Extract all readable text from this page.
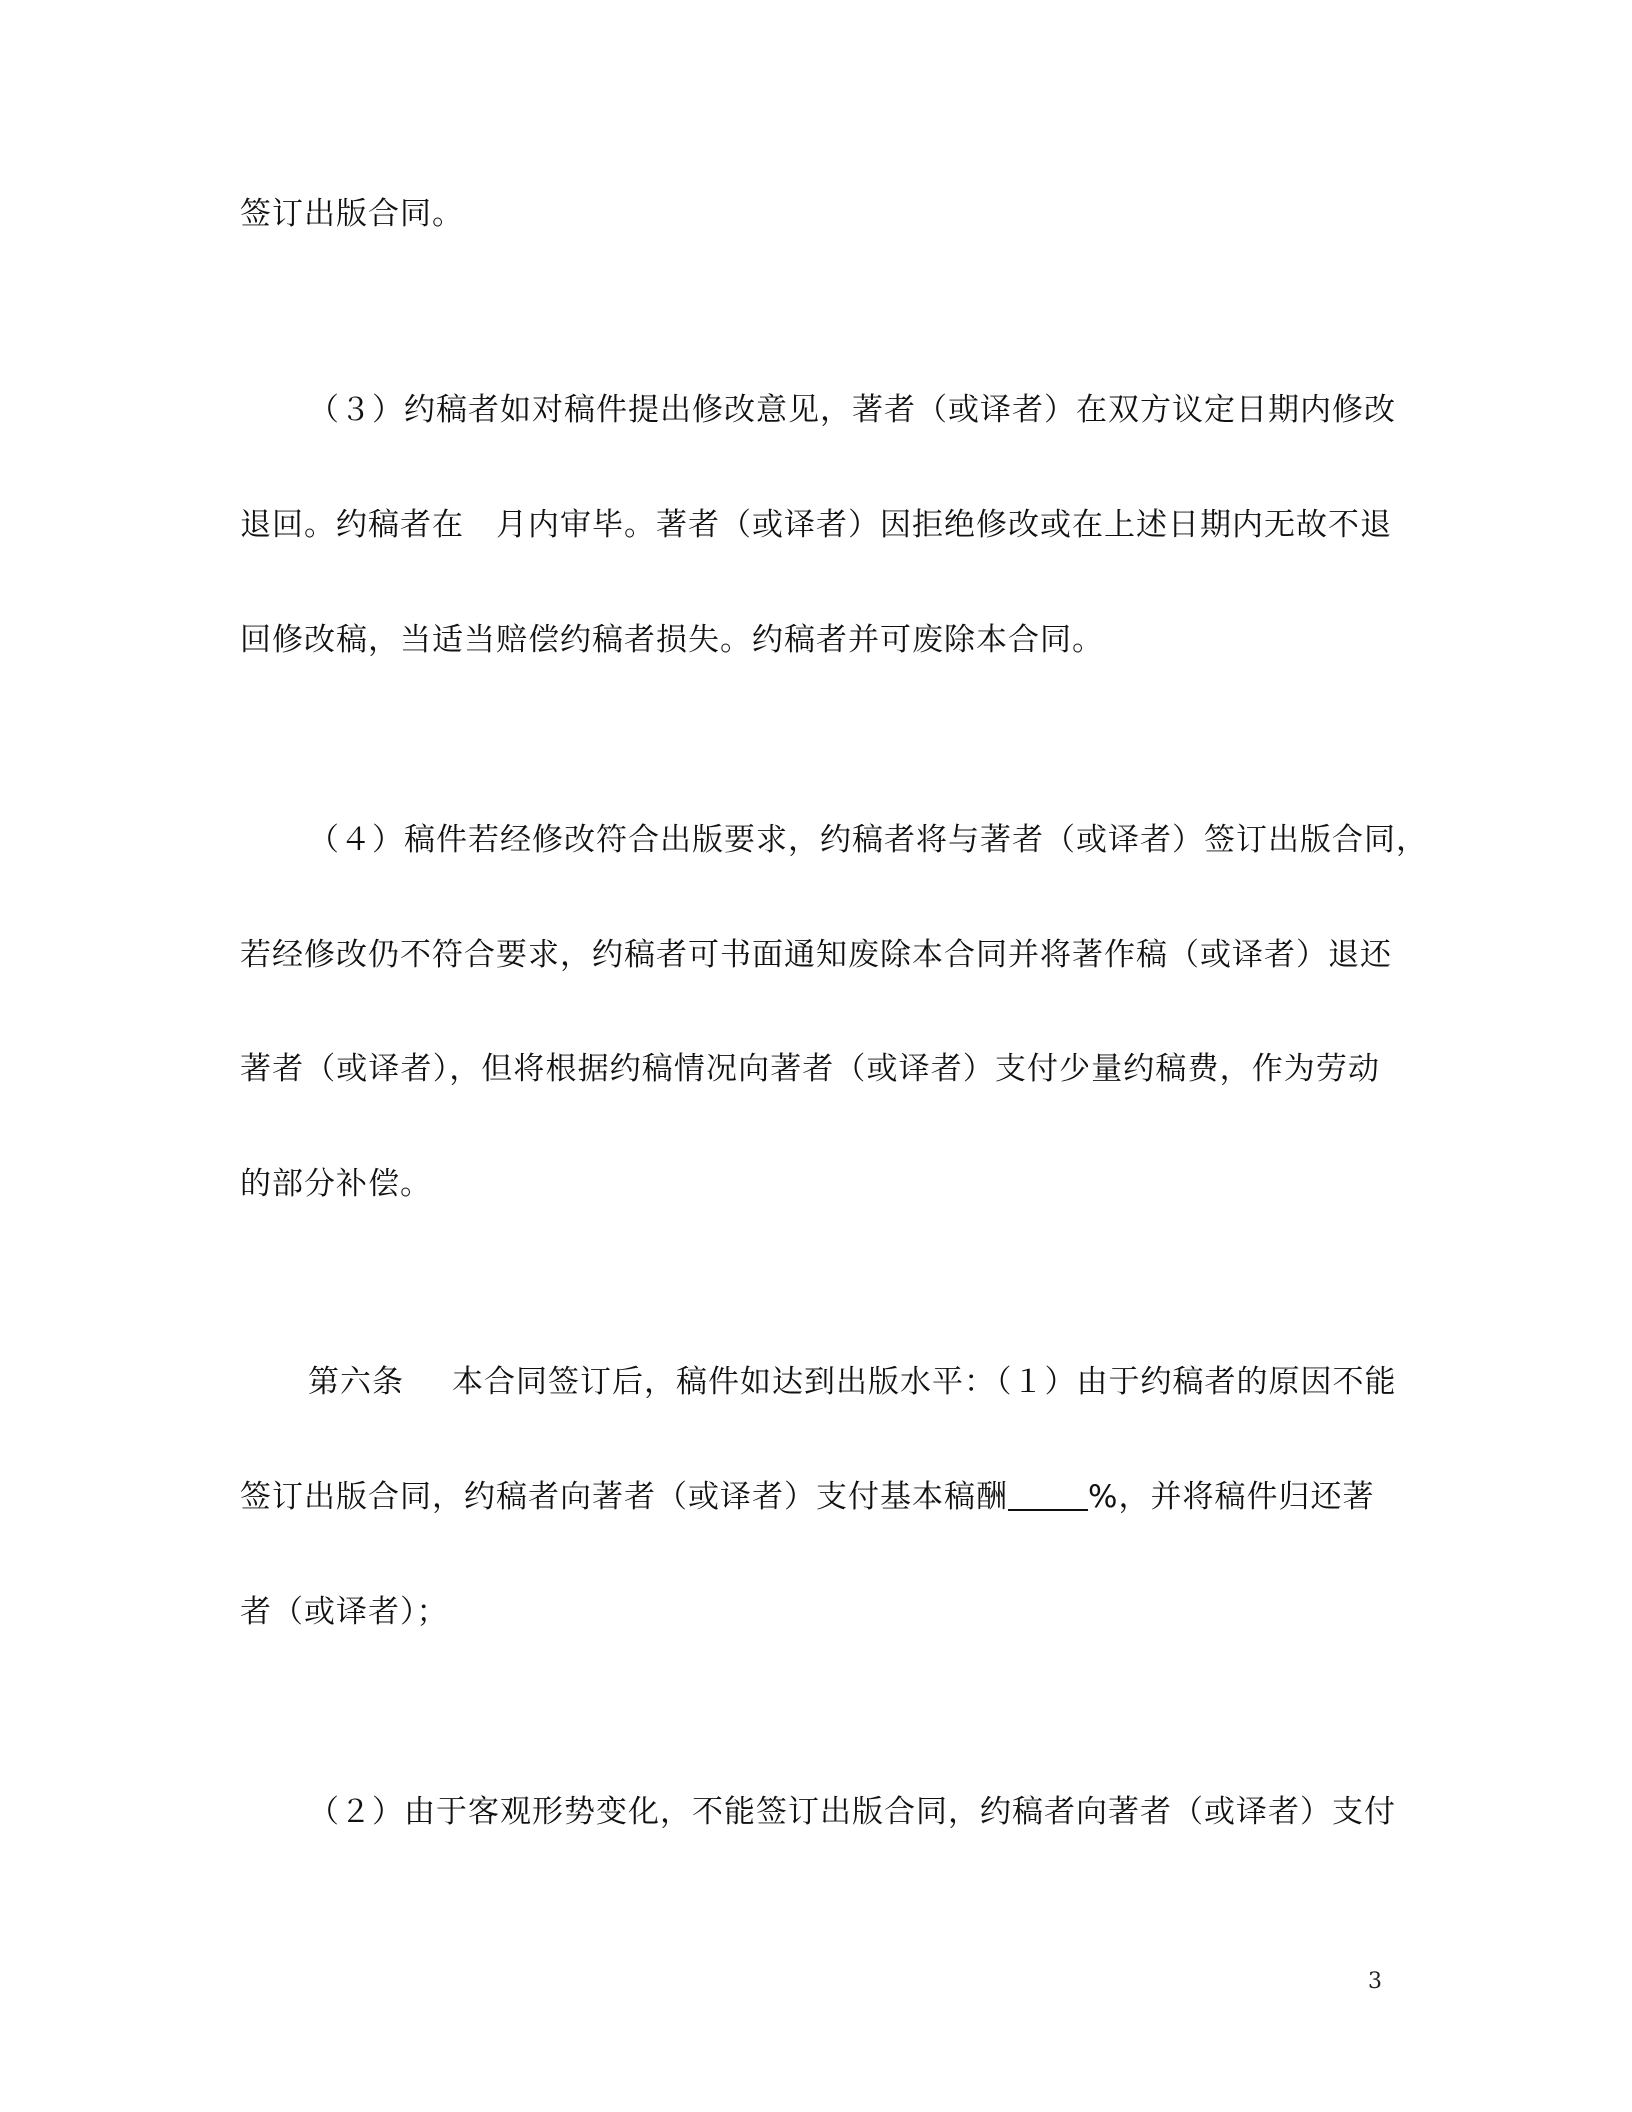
签订出版合同。
（３）约稿者如对稿件提出修改意见，著者（或译者）在双方议定日期内修改
退回。约稿者在 月内审毕。著者（或译者）因拒绝修改或在上述日期内无故不退
回修改稿，当适当赔偿约稿者损失。约稿者并可废除本合同。
（４）稿件若经修改符合出版要求，约稿者将与著者（或译者）签订出版合同，
若经修改仍不符合要求，约稿者可书面通知废除本合同并将著作稿（或译者）退还
著者（或译者），但将根据约稿情况向著者（或译者）支付少量约稿费，作为劳动
的部分补偿。
第六条 本合同签订后，稿件如达到出版水平：（１）由于约稿者的原因不能
签订出版合同，约稿者向著者（或译者）支付基本稿酬	%，并将稿件归还著
者（或译者）；
（２）由于客观形势变化，不能签订出版合同，约稿者向著者（或译者）支付
3
